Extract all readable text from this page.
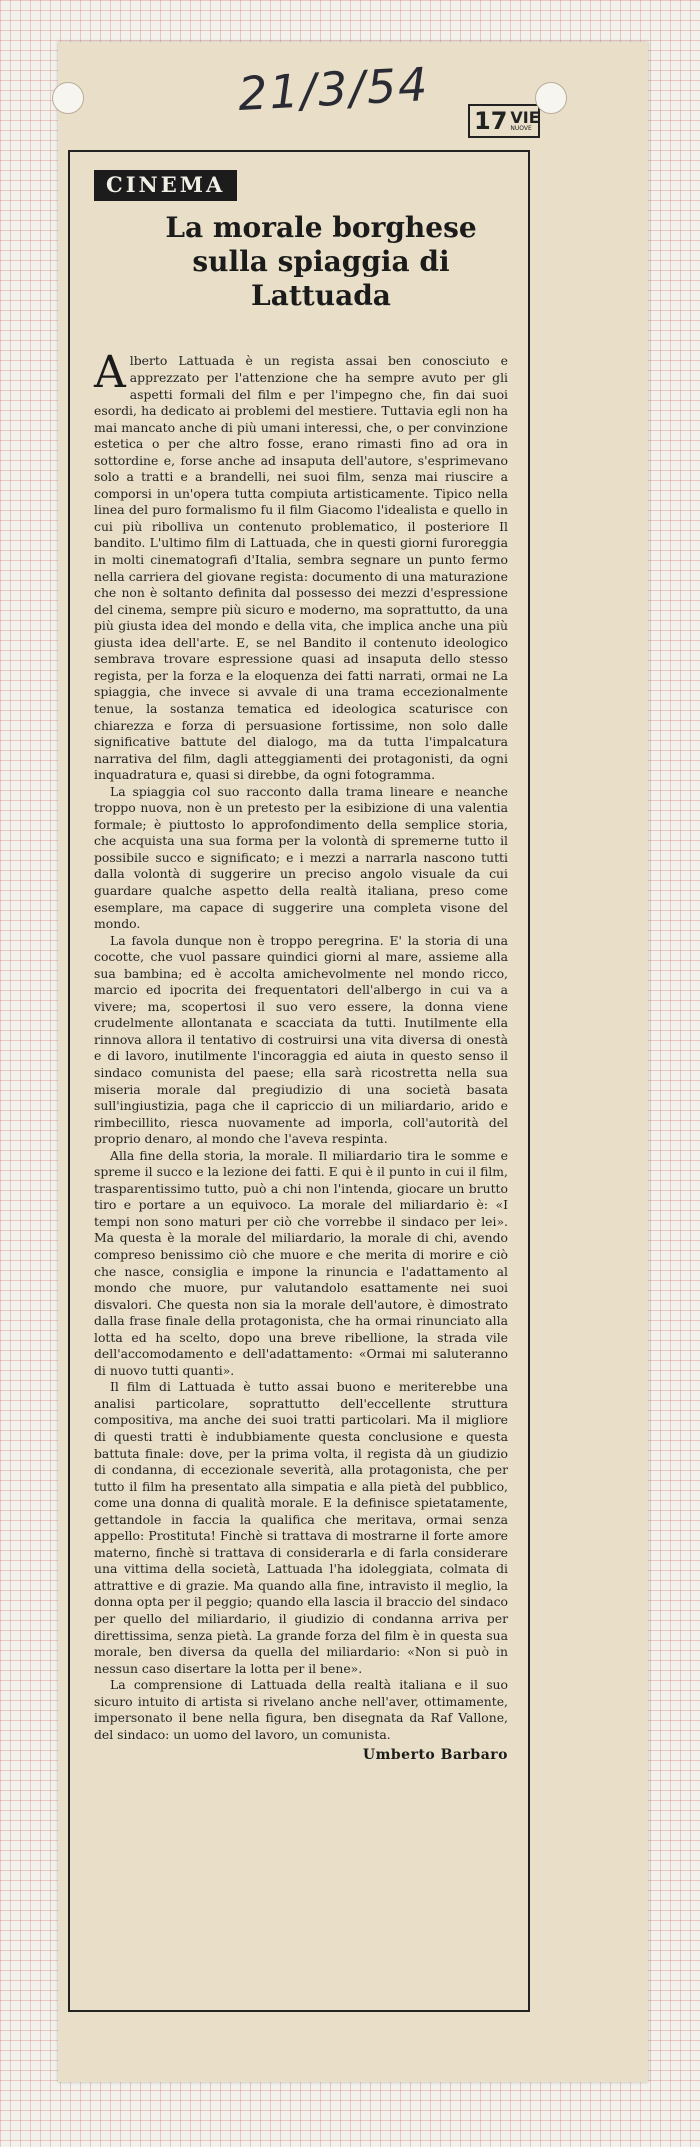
21/3/54
17 VIE
NUOVE
CINEMA
La morale borghese
sulla spiaggia di Lattuada

Alberto Lattuada è un regista assai ben conosciuto e apprezzato per l'attenzione che ha sempre avuto per gli aspetti formali del film e per l'impegno che, fin dai suoi esordi, ha dedicato ai problemi del mestiere. Tuttavia egli non ha mai mancato anche di più umani interessi, che, o per convinzione estetica o per che altro fosse, erano rimasti fino ad ora in sottordine e, forse anche ad insaputa dell'autore, s'esprimevano solo a tratti e a brandelli, nei suoi film, senza mai riuscire a comporsi in un'opera tutta compiuta artisticamente. Tipico nella linea del puro formalismo fu il film Giacomo l'idealista e quello in cui più ribolliva un contenuto problematico, il posteriore Il bandito. L'ultimo film di Lattuada, che in questi giorni furoreggia in molti cinematografi d'Italia, sembra segnare un punto fermo nella carriera del giovane regista: documento di una maturazione che non è soltanto definita dal possesso dei mezzi d'espressione del cinema, sempre più sicuro e moderno, ma soprattutto, da una più giusta idea del mondo e della vita, che implica anche una più giusta idea dell'arte. E, se nel Bandito il contenuto ideologico sembrava trovare espressione quasi ad insaputa dello stesso regista, per la forza e la eloquenza dei fatti narrati, ormai ne La spiaggia, che invece si avvale di una trama eccezionalmente tenue, la sostanza tematica ed ideologica scaturisce con chiarezza e forza di persuasione fortissime, non solo dalle significative battute del dialogo, ma da tutta l'impalcatura narrativa del film, dagli atteggiamenti dei protagonisti, da ogni inquadratura e, quasi si direbbe, da ogni fotogramma.

La spiaggia col suo racconto dalla trama lineare e neanche troppo nuova, non è un pretesto per la esibizione di una valentia formale; è piuttosto lo approfondimento della semplice storia, che acquista una sua forma per la volontà di spremerne tutto il possibile succo e significato; e i mezzi a narrarla nascono tutti dalla volontà di suggerire un preciso angolo visuale da cui guardare qualche aspetto della realtà italiana, preso come esemplare, ma capace di suggerire una completa visone del mondo.

La favola dunque non è troppo peregrina. E' la storia di una cocotte, che vuol passare quindici giorni al mare, assieme alla sua bambina; ed è accolta amichevolmente nel mondo ricco, marcio ed ipocrita dei frequentatori dell'albergo in cui va a vivere; ma, scopertosi il suo vero essere, la donna viene crudelmente allontanata e scacciata da tutti. Inutilmente ella rinnova allora il tentativo di costruirsi una vita diversa di onestà e di lavoro, inutilmente l'incoraggia ed aiuta in questo senso il sindaco comunista del paese; ella sarà ricostretta nella sua miseria morale dal pregiudizio di una società basata sull'ingiustizia, paga che il capriccio di un miliardario, arido e rimbecillito, riesca nuovamente ad imporla, coll'autorità del proprio denaro, al mondo che l'aveva respinta.

Alla fine della storia, la morale. Il miliardario tira le somme e spreme il succo e la lezione dei fatti. E qui è il punto in cui il film, trasparentissimo tutto, può a chi non l'intenda, giocare un brutto tiro e portare a un equivoco. La morale del miliardario è: «I tempi non sono maturi per ciò che vorrebbe il sindaco per lei». Ma questa è la morale del miliardario, la morale di chi, avendo compreso benissimo ciò che muore e che merita di morire e ciò che nasce, consiglia e impone la rinuncia e l'adattamento al mondo che muore, pur valutandolo esattamente nei suoi disvalori. Che questa non sia la morale dell'autore, è dimostrato dalla frase finale della protagonista, che ha ormai rinunciato alla lotta ed ha scelto, dopo una breve ribellione, la strada vile dell'accomodamento e dell'adattamento: «Ormai mi saluteranno di nuovo tutti quanti».

Il film di Lattuada è tutto assai buono e meriterebbe una analisi particolare, soprattutto dell'eccellente struttura compositiva, ma anche dei suoi tratti particolari. Ma il migliore di questi tratti è indubbiamente questa conclusione e questa battuta finale: dove, per la prima volta, il regista dà un giudizio di condanna, di eccezionale severità, alla protagonista, che per tutto il film ha presentato alla simpatia e alla pietà del pubblico, come una donna di qualità morale. E la definisce spietatamente, gettandole in faccia la qualifica che meritava, ormai senza appello: Prostituta! Finchè si trattava di mostrarne il forte amore materno, finchè si trattava di considerarla e di farla considerare una vittima della società, Lattuada l'ha idoleggiata, colmata di attrattive e di grazie. Ma quando alla fine, intravisto il meglio, la donna opta per il peggio; quando ella lascia il braccio del sindaco per quello del miliardario, il giudizio di condanna arriva per direttissima, senza pietà. La grande forza del film è in questa sua morale, ben diversa da quella del miliardario: «Non si può in nessun caso disertare la lotta per il bene».

La comprensione di Lattuada della realtà italiana e il suo sicuro intuito di artista si rivelano anche nell'aver, ottimamente, impersonato il bene nella figura, ben disegnata da Raf Vallone, del sindaco: un uomo del lavoro, un comunista.

Umberto Barbaro
